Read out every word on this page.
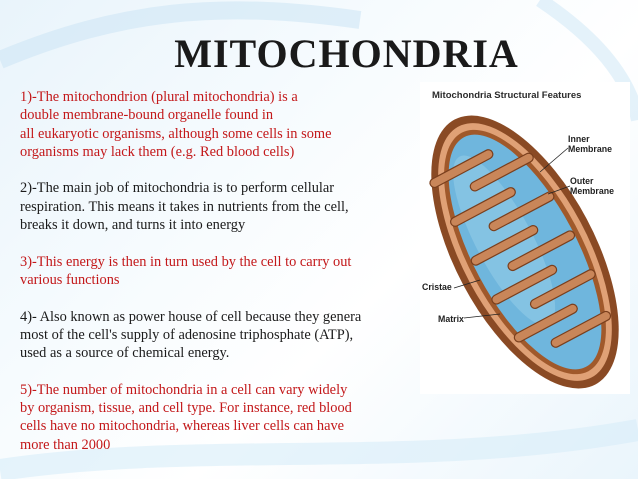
MITOCHONDRIA
1)-The mitochondrion (plural mitochondria) is a
double membrane-bound organelle found in
all eukaryotic organisms, although some cells in some
organisms may lack them (e.g. Red blood cells)
2)-The main job of mitochondria is to perform cellular
respiration. This means it takes in nutrients from the cell,
breaks it down, and turns it into energy
3)-This energy is then in turn used by the cell to carry out
various functions
4)- Also known as power house of cell because they genera
most of the cell's supply of adenosine triphosphate (ATP),
used as a source of chemical energy.
5)-The number of mitochondria in a cell can vary widely
by organism, tissue, and cell type. For instance, red blood
cells have no mitochondria, whereas liver cells can have
more than 2000
Mitochondria Structural Features
Inner
Membrane
Outer
Membrane
Cristae
Matrix
